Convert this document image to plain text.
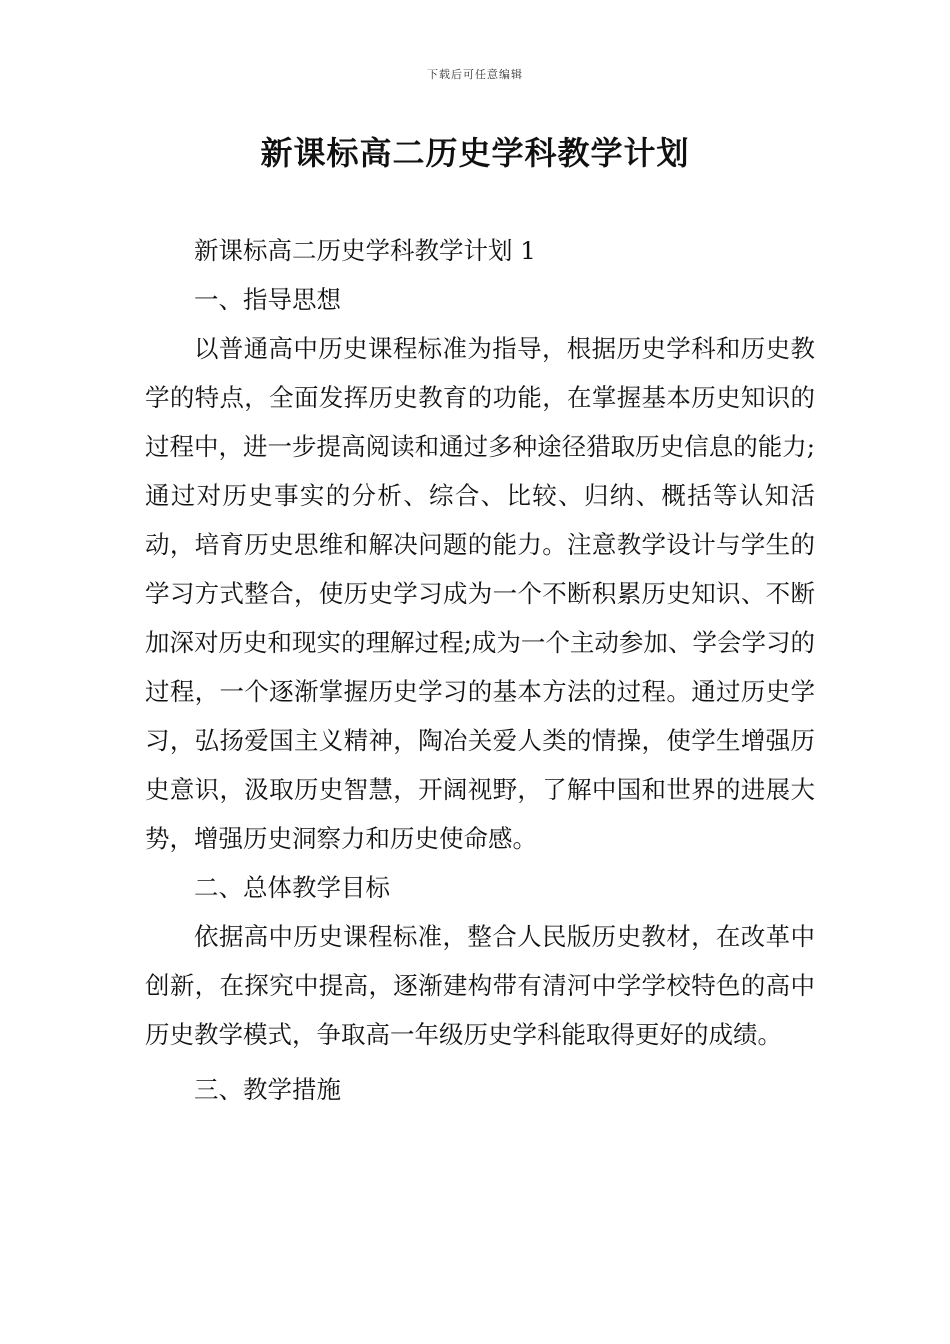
下载后可任意编辑
新课标高二历史学科教学计划

新课标高二历史学科教学计划 1

一、指导思想

以普通高中历史课程标准为指导，根据历史学科和历史教学的特点，全面发挥历史教育的功能，在掌握基本历史知识的过程中，进一步提高阅读和通过多种途径猎取历史信息的能力;通过对历史事实的分析、综合、比较、归纳、概括等认知活动，培育历史思维和解决问题的能力。注意教学设计与学生的学习方式整合，使历史学习成为一个不断积累历史知识、不断加深对历史和现实的理解过程;成为一个主动参加、学会学习的过程，一个逐渐掌握历史学习的基本方法的过程。通过历史学习，弘扬爱国主义精神，陶冶关爱人类的情操，使学生增强历史意识，汲取历史智慧，开阔视野，了解中国和世界的进展大势，增强历史洞察力和历史使命感。

二、总体教学目标

依据高中历史课程标准，整合人民版历史教材，在改革中创新，在探究中提高，逐渐建构带有清河中学学校特色的高中历史教学模式，争取高一年级历史学科能取得更好的成绩。

三、教学措施
